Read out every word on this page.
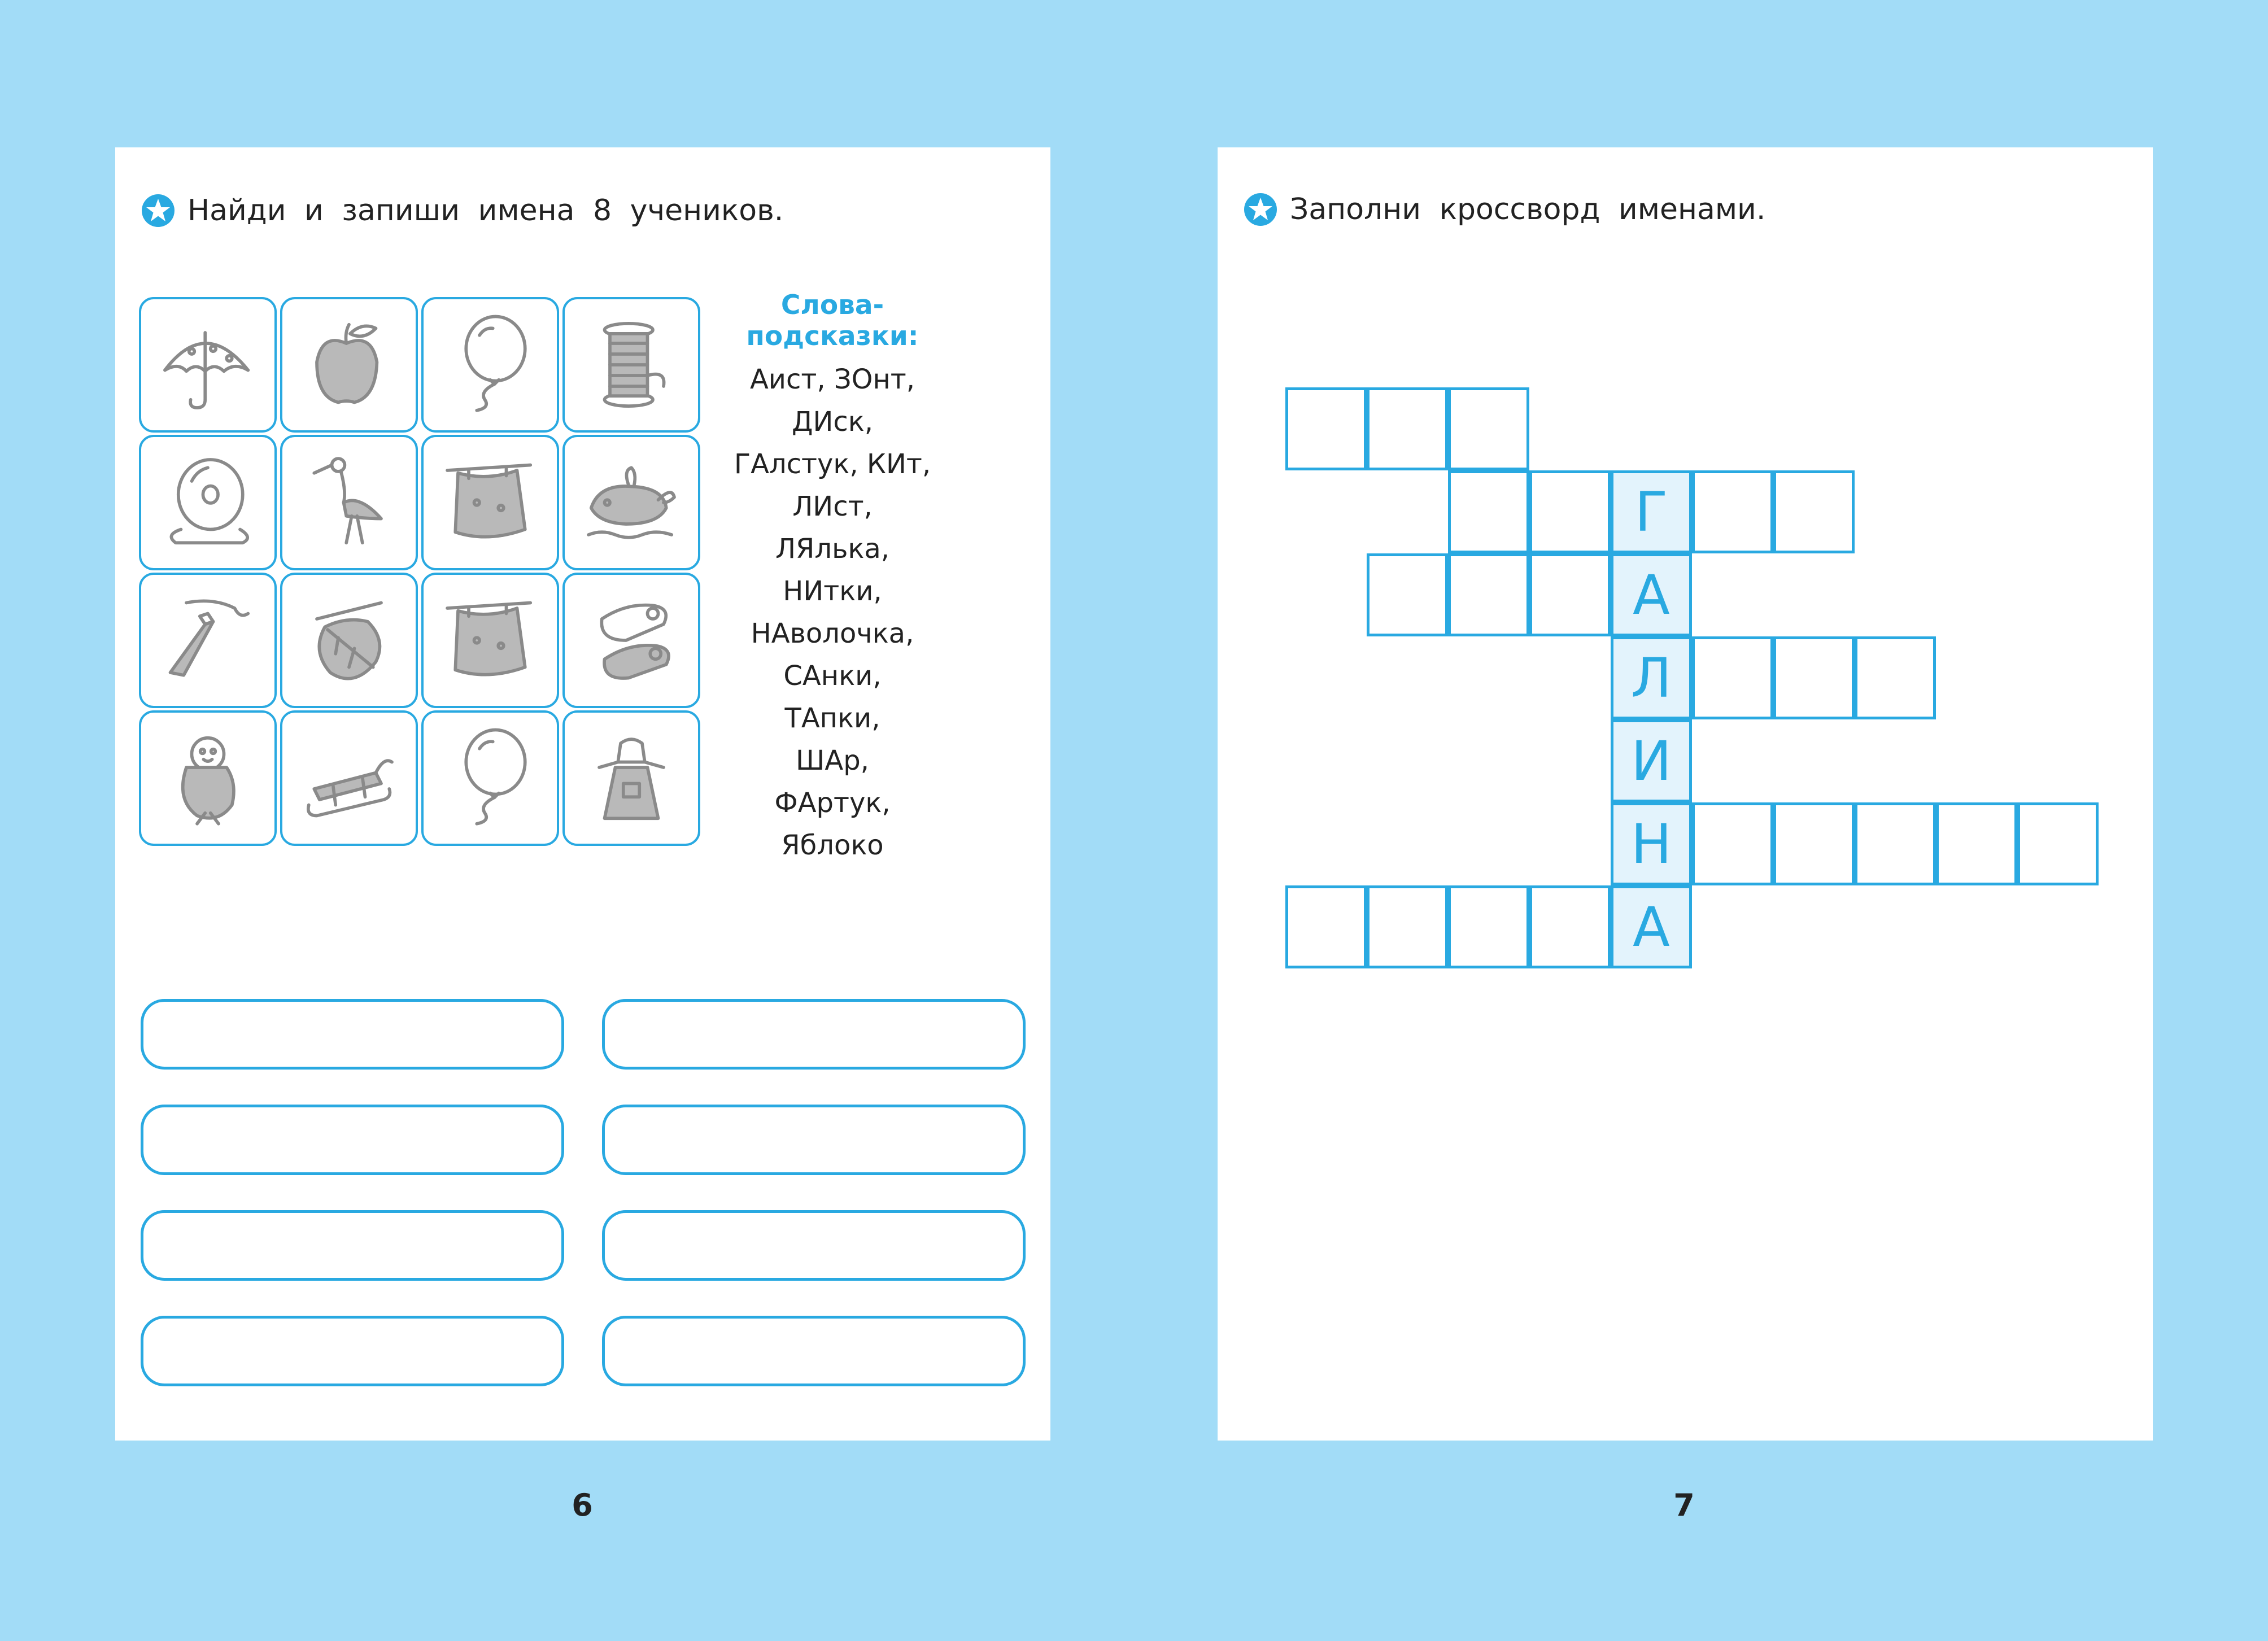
Найди и запиши имена 8 учеников.
Слова-подсказки:
Аист, ЗОнт,
ДИск,
ГАлстук, КИт,
ЛИст,
ЛЯлька,
НИтки,
НАволочка,
САнки,
ТАпки,
ШАр,
ФАртук,
Яблоко
Заполни кроссворд именами.
Г
А
Л
И
Н
А
6	7
